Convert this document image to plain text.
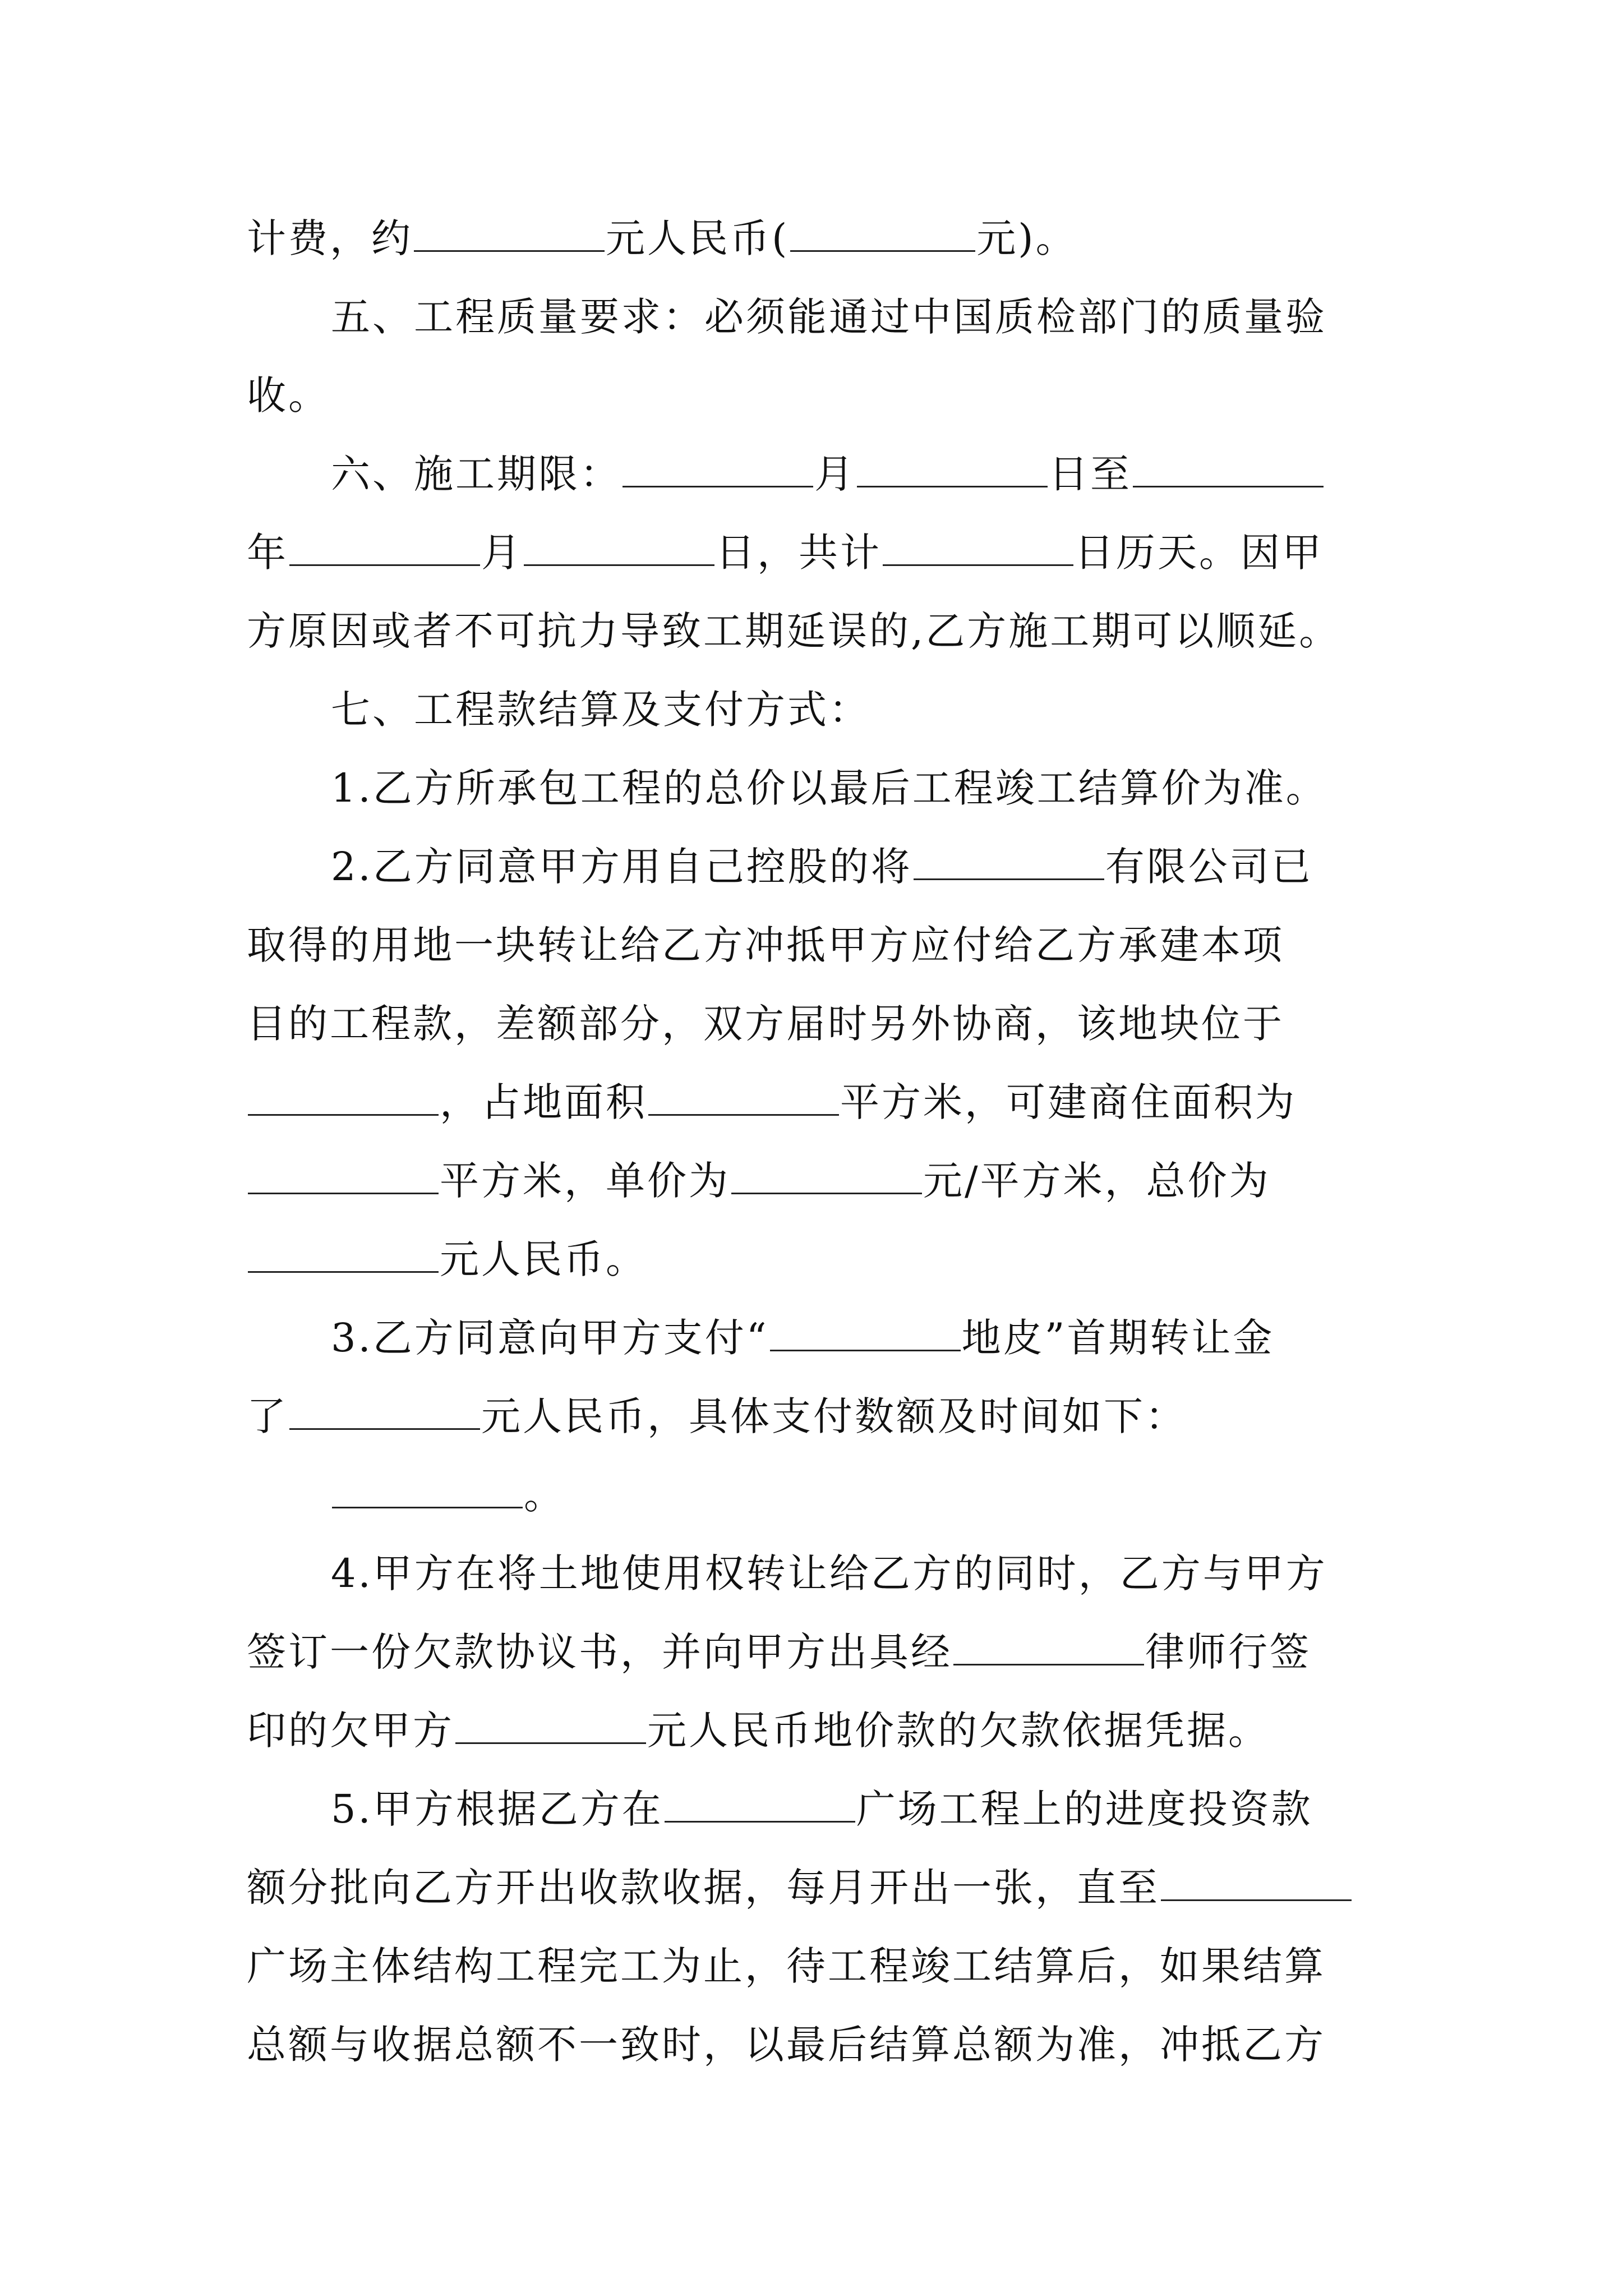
计费，约	元人民币(	元)。
五、工程质量要求：必须能通过中国质检部门的质量验
收。
六、施工期限：	月	日至
年	月	日，共计	日历天。因甲
方原因或者不可抗力导致工期延误的,乙方施工期可以顺延。
七、工程款结算及支付方式：
1.乙方所承包工程的总价以最后工程竣工结算价为准。
2.乙方同意甲方用自己控股的将	有限公司已
取得的用地一块转让给乙方冲抵甲方应付给乙方承建本项
目的工程款，差额部分，双方届时另外协商，该地块位于
，占地面积	平方米，可建商住面积为
平方米，单价为	元/平方米，总价为
元人民币。
3.乙方同意向甲方支付“	地皮”首期转让金
了	元人民币，具体支付数额及时间如下：
。
4.甲方在将土地使用权转让给乙方的同时，乙方与甲方
签订一份欠款协议书，并向甲方出具经	律师行签
印的欠甲方	元人民币地价款的欠款依据凭据。
5.甲方根据乙方在	广场工程上的进度投资款
额分批向乙方开出收款收据，每月开出一张，直至
广场主体结构工程完工为止，待工程竣工结算后，如果结算
总额与收据总额不一致时，以最后结算总额为准，冲抵乙方
